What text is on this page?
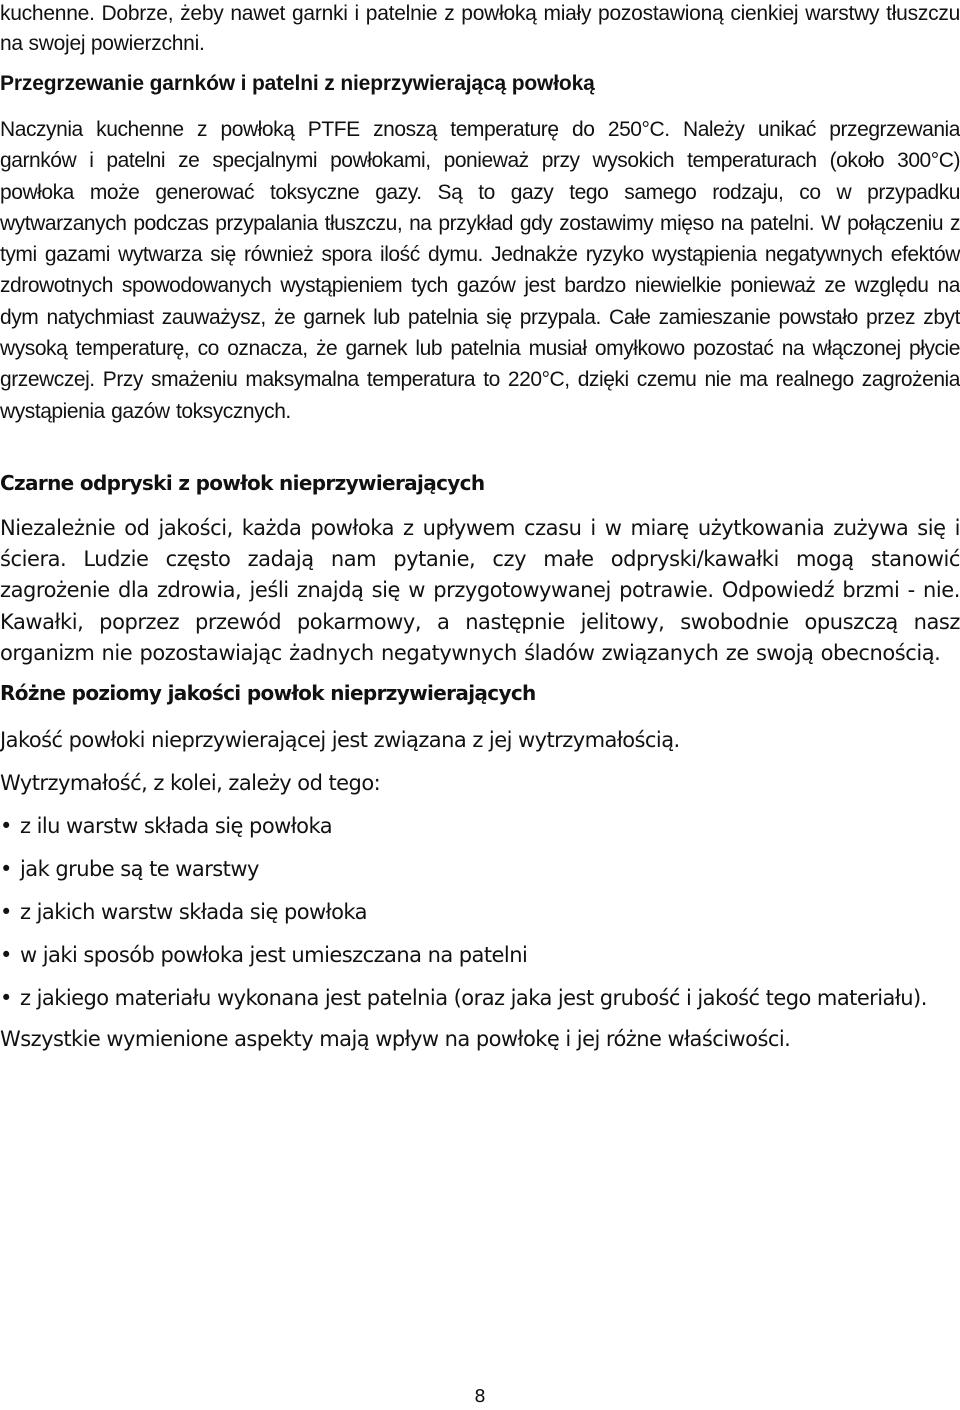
kuchenne. Dobrze, żeby nawet garnki i patelnie z powłoką miały pozostawioną cienkiej warstwy tłuszczu na swojej powierzchni.

Przegrzewanie garnków i patelni z nieprzywierającą powłoką

Naczynia kuchenne z powłoką PTFE znoszą temperaturę do 250°C. Należy unikać przegrzewania garnków i patelni ze specjalnymi powłokami, ponieważ przy wysokich temperaturach (około 300°C) powłoka może generować toksyczne gazy. Są to gazy tego samego rodzaju, co w przypadku wytwarzanych podczas przypalania tłuszczu, na przykład gdy zostawimy mięso na patelni. W połączeniu z tymi gazami wytwarza się również spora ilość dymu. Jednakże ryzyko wystąpienia negatywnych efektów zdrowotnych spowodowanych wystąpieniem tych gazów jest bardzo niewielkie ponieważ ze względu na dym natychmiast zauważysz, że garnek lub patelnia się przypala. Całe zamieszanie powstało przez zbyt wysoką temperaturę, co oznacza, że garnek lub patelnia musiał omyłkowo pozostać na włączonej płycie grzewczej. Przy smażeniu maksymalna temperatura to 220°C, dzięki czemu nie ma realnego zagrożenia wystąpienia gazów toksycznych.

Czarne odpryski z powłok nieprzywierających

Niezależnie od jakości, każda powłoka z upływem czasu i w miarę użytkowania zużywa się i ściera. Ludzie często zadają nam pytanie, czy małe odpryski/kawałki mogą stanowić zagrożenie dla zdrowia, jeśli znajdą się w przygotowywanej potrawie. Odpowiedź brzmi - nie. Kawałki, poprzez przewód pokarmowy, a następnie jelitowy, swobodnie opuszczą nasz organizm nie pozostawiając żadnych negatywnych śladów związanych ze swoją obecnością.

Różne poziomy jakości powłok nieprzywierających

Jakość powłoki nieprzywierającej jest związana z jej wytrzymałością.

Wytrzymałość, z kolei, zależy od tego:

• z ilu warstw składa się powłoka
• jak grube są te warstwy
• z jakich warstw składa się powłoka
• w jaki sposób powłoka jest umieszczana na patelni
• z jakiego materiału wykonana jest patelnia (oraz jaka jest grubość i jakość tego materiału).

Wszystkie wymienione aspekty mają wpływ na powłokę i jej różne właściwości.

8
